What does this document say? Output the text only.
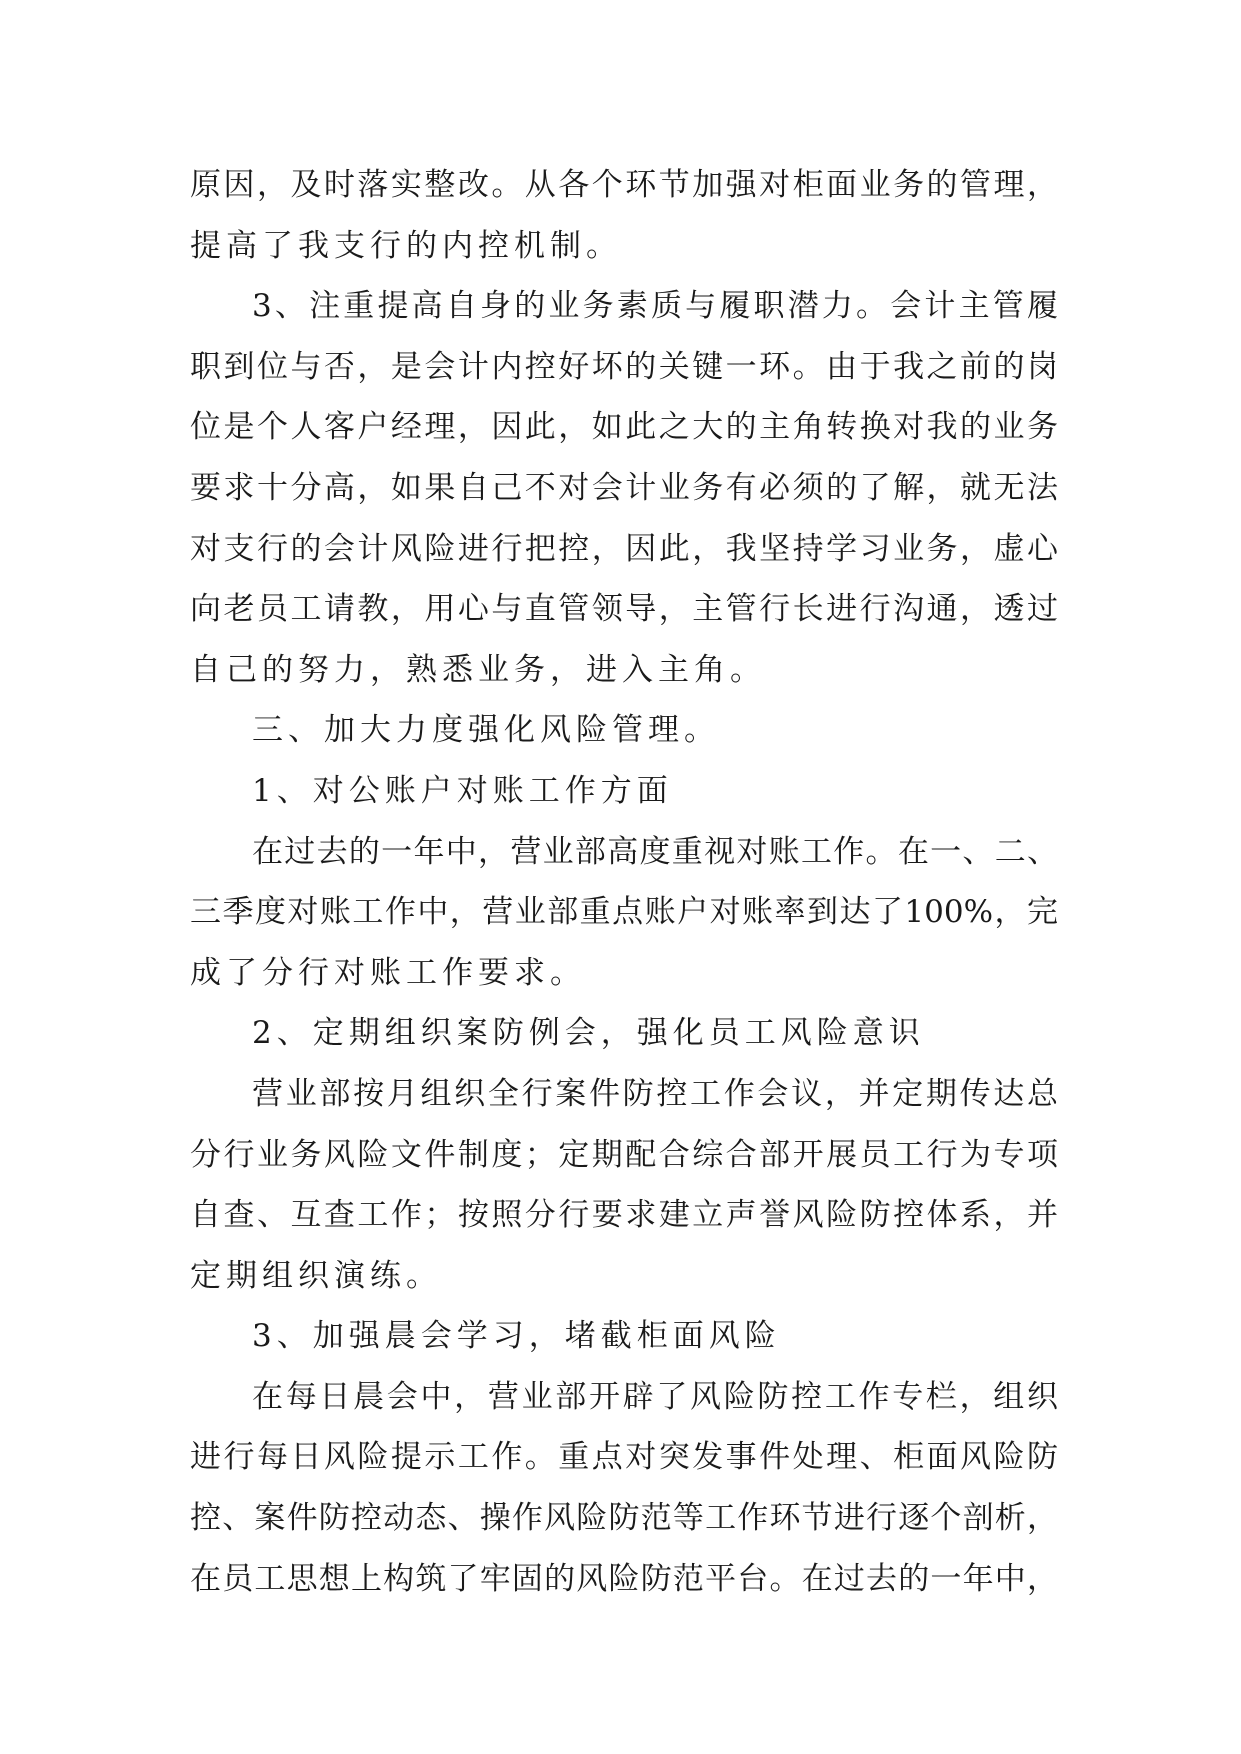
原因，及时落实整改。从各个环节加强对柜面业务的管理，
提高了我支行的内控机制。
3、注重提高自身的业务素质与履职潜力。会计主管履
职到位与否，是会计内控好坏的关键一环。由于我之前的岗
位是个人客户经理，因此，如此之大的主角转换对我的业务
要求十分高，如果自己不对会计业务有必须的了解，就无法
对支行的会计风险进行把控，因此，我坚持学习业务，虚心
向老员工请教，用心与直管领导，主管行长进行沟通，透过
自己的努力，熟悉业务，进入主角。
三、加大力度强化风险管理。
1、对公账户对账工作方面
在过去的一年中，营业部高度重视对账工作。在一、二、
三季度对账工作中，营业部重点账户对账率到达了100%，完
成了分行对账工作要求。
2、定期组织案防例会，强化员工风险意识
营业部按月组织全行案件防控工作会议，并定期传达总
分行业务风险文件制度；定期配合综合部开展员工行为专项
自查、互查工作；按照分行要求建立声誉风险防控体系，并
定期组织演练。
3、加强晨会学习，堵截柜面风险
在每日晨会中，营业部开辟了风险防控工作专栏，组织
进行每日风险提示工作。重点对突发事件处理、柜面风险防
控、案件防控动态、操作风险防范等工作环节进行逐个剖析，
在员工思想上构筑了牢固的风险防范平台。在过去的一年中，
